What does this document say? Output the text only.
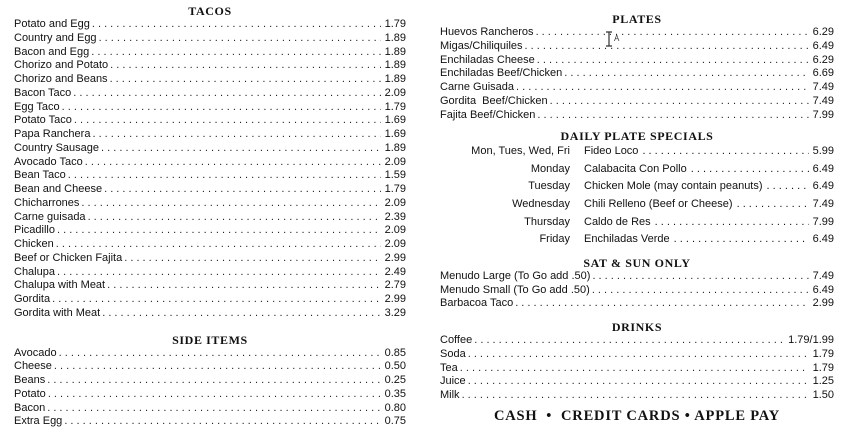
TACOS
Potato and Egg . . .	1.79
Country and Egg . . .	1.89
Bacon and Egg . . .	1.89
Chorizo and Potato . . .	1.89
Chorizo and Beans . . .	1.89
Bacon Taco . . .	2.09
Egg Taco . . .	1.79
Potato Taco . . .	1.69
Papa Ranchera . . .	1.69
Country Sausage . . .	1.89
Avocado Taco . . .	2.09
Bean Taco . . .	1.59
Bean and Cheese . . .	1.79
Chicharrones . . .	2.09
Carne guisada . . .	2.39
Picadillo . . .	2.09
Chicken . . .	2.09
Beef or Chicken Fajita . . .	2.99
Chalupa . . .	2.49
Chalupa with Meat . . .	2.79
Gordita . . .	2.99
Gordita with Meat . . .	3.29
SIDE ITEMS
Avocado . . .	0.85
Cheese . . .	0.50
Beans . . .	0.25
Potato . . .	0.35
Bacon . . .	0.80
Extra Egg . . .	0.75
PLATES
Huevos Rancheros . . .	6.29
Migas/Chiliquiles . . .	6.49
Enchiladas Cheese . . .	6.29
Enchiladas Beef/Chicken . . .	6.69
Carne Guisada . . .	7.49
Gordita  Beef/Chicken . . .	7.49
Fajita Beef/Chicken . . .	7.99
DAILY PLATE SPECIALS
Mon, Tues, Wed, Fri	Fideo Loco . . .	5.99
Monday	Calabacita Con Pollo . . .	6.49
Tuesday	Chicken Mole (may contain peanuts) . . .	6.49
Wednesday	Chili Relleno (Beef or Cheese) . . .	7.49
Thursday	Caldo de Res . . .	7.99
Friday	Enchiladas Verde . . .	6.49
SAT & SUN ONLY
Menudo Large (To Go add .50) . . .	7.49
Menudo Small (To Go add .50) . . .	6.49
Barbacoa Taco . . .	2.99
DRINKS
Coffee . . .	1.79/1.99
Soda . . .	1.79
Tea . . .	1.79
Juice . . .	1.25
Milk . . .	1.50
CASH  •  CREDIT CARDS • APPLE PAY
A
